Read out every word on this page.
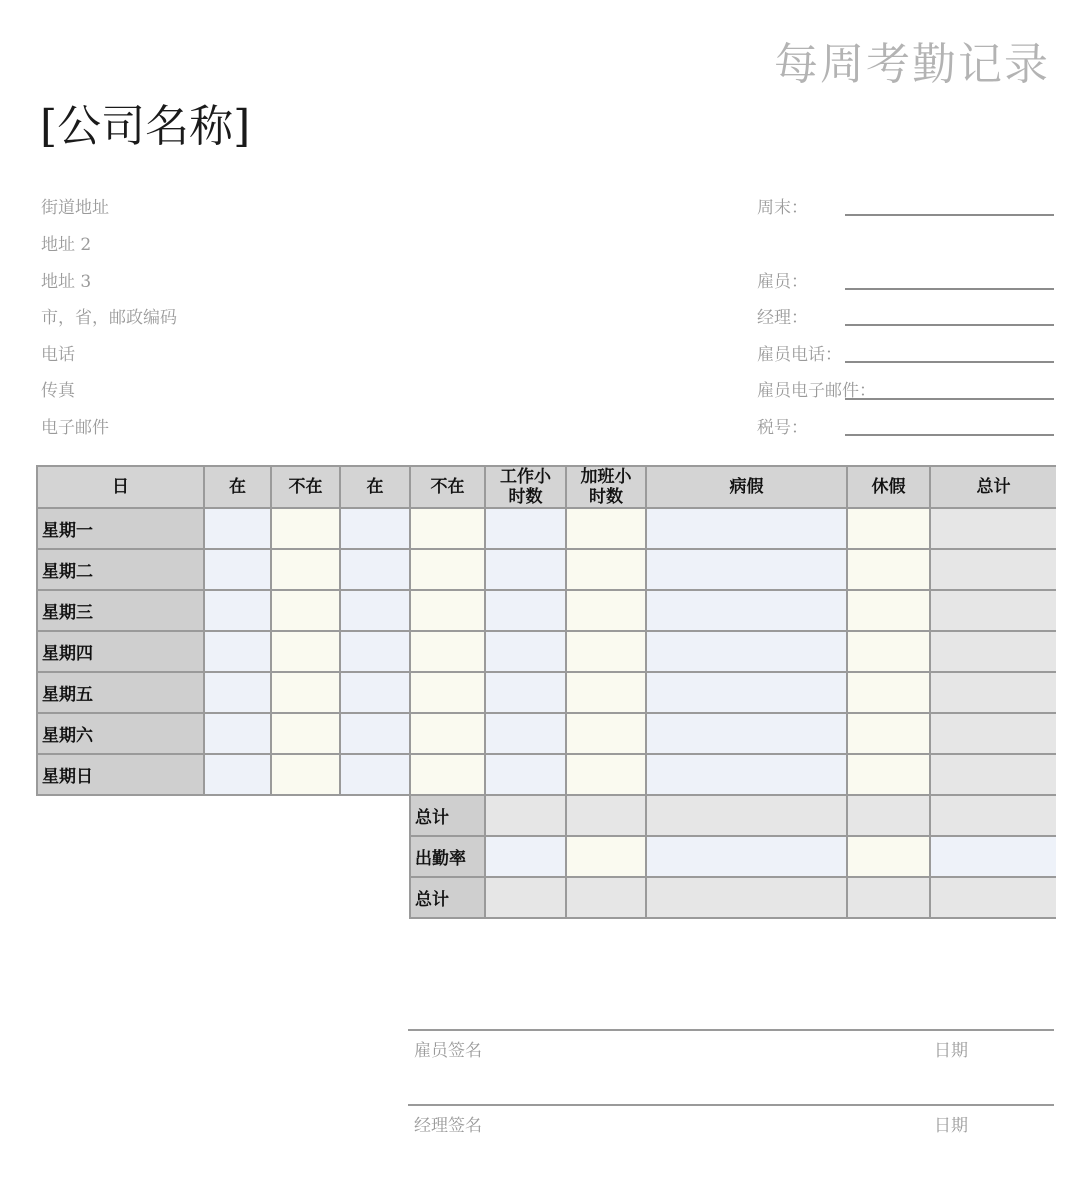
每周考勤记录
[公司名称]
街道地址
地址 2
地址 3
市，省，邮政编码
电话
传真
电子邮件
周末：
雇员：
经理：
雇员电话：
雇员电子邮件：
税号：
日	在	不在	在	不在	工作小时数	加班小时数	病假	休假	总计
星期一									
星期二									
星期三									
星期四									
星期五									
星期六									
星期日									
				总计					
				出勤率					
				总计					
雇员签名	日期
经理签名	日期
